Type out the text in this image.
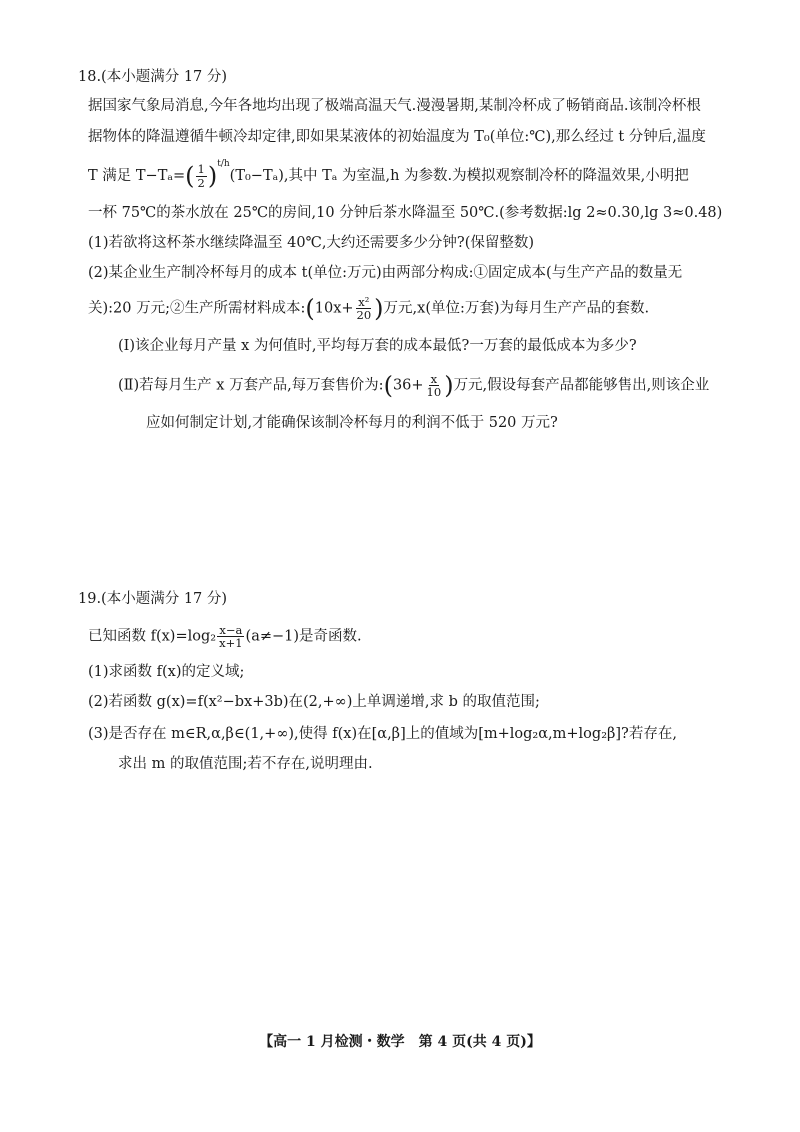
18.(本小题满分 17 分)
据国家气象局消息,今年各地均出现了极端高温天气.漫漫暑期,某制冷杯成了畅销商品.该制冷杯根
据物体的降温遵循牛顿冷却定律,即如果某液体的初始温度为 T₀(单位:℃),那么经过 t 分钟后,温度
T 满足 $T-T_a=( \frac{1}{2} )^{t/h}(T_0-T_a)$,其中 Tₐ 为室温,h 为参数.为模拟观察制冷杯的降温效果,小明把
一杯 75℃的茶水放在 25℃的房间,10 分钟后茶水降温至 50℃.(参考数据:lg 2≈0.30,lg 3≈0.48)
(1)若欲将这杯茶水继续降温至 40℃,大约还需要多少分钟?(保留整数)
(2)某企业生产制冷杯每月的成本 t(单位:万元)由两部分构成:①固定成本(与生产产品的数量无
关):20 万元;②生产所需材料成本:(10x+ $\frac{\text{x²}}{20}$ )万元,x(单位:万套)为每月生产产品的套数.
(Ⅰ)该企业每月产量 x 为何值时,平均每万套的成本最低?一万套的最低成本为多少?
(Ⅱ)若每月生产 x 万套产品,每万套售价为:(36+ $\frac{x}{10}$ )万元,假设每套产品都能够售出,则该企业
应如何制定计划,才能确保该制冷杯每月的利润不低于 520 万元?
19.(本小题满分 17 分)
已知函数 $f(x)=\log_2 \frac{x-a}{x+1} (a\ne-1)$是奇函数.
(1)求函数 f(x)的定义域;
(2)若函数 g(x)=f(x²−bx+3b)在(2,+∞)上单调递增,求 b 的取值范围;
(3)是否存在 m∈R,α,β∈(1,+∞),使得 f(x)在[α,β]上的值域为[m+log₂α,m+log₂β]?若存在,
求出 m 的取值范围;若不存在,说明理由.
【高一 1 月检测・数学　第 4 页(共 4 页)】
